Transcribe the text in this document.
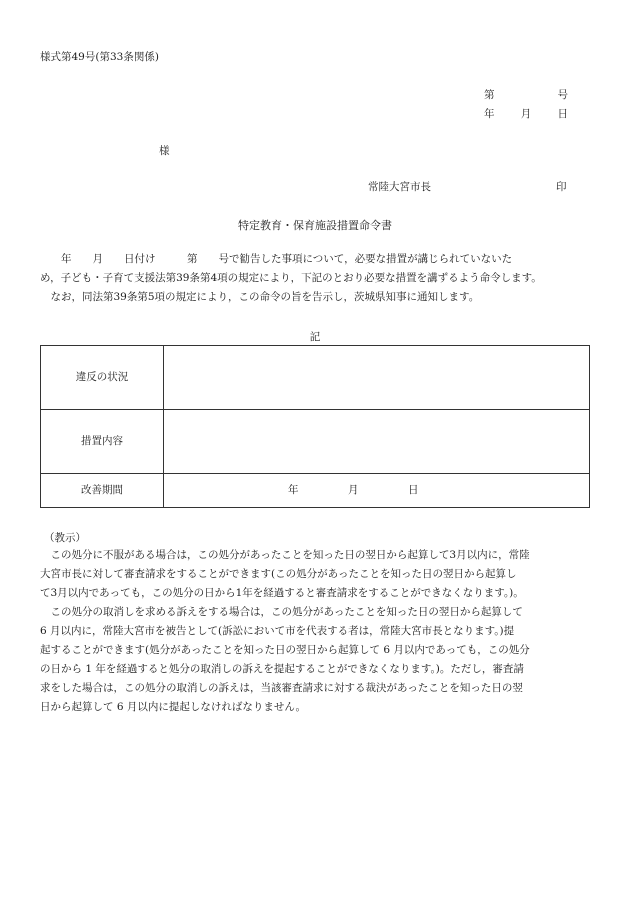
様式第49号(第33条関係)
第	号
年	月	日
様
常陸大宮市長	印
特定教育・保育施設措置命令書
　　年　　月　　日付け　　　第　　号で勧告した事項について，必要な措置が講じられていないた
め，子ども・子育て支援法第39条第4項の規定により，下記のとおり必要な措置を講ずるよう命令します。
　なお，同法第39条第5項の規定により，この命令の旨を告示し，茨城県知事に通知します。
記
違反の状況	
措置内容	
改善期間	年 月 日
（教示）
　この処分に不服がある場合は，この処分があったことを知った日の翌日から起算して3月以内に，常陸
大宮市長に対して審査請求をすることができます(この処分があったことを知った日の翌日から起算し
て3月以内であっても，この処分の日から1年を経過すると審査請求をすることができなくなります。)。
　この処分の取消しを求める訴えをする場合は，この処分があったことを知った日の翌日から起算して
6 月以内に，常陸大宮市を被告として(訴訟において市を代表する者は，常陸大宮市長となります。)提
起することができます(処分があったことを知った日の翌日から起算して 6 月以内であっても，この処分
の日から 1 年を経過すると処分の取消しの訴えを提起することができなくなります。)。ただし，審査請
求をした場合は，この処分の取消しの訴えは，当該審査請求に対する裁決があったことを知った日の翌
日から起算して 6 月以内に提起しなければなりません。
